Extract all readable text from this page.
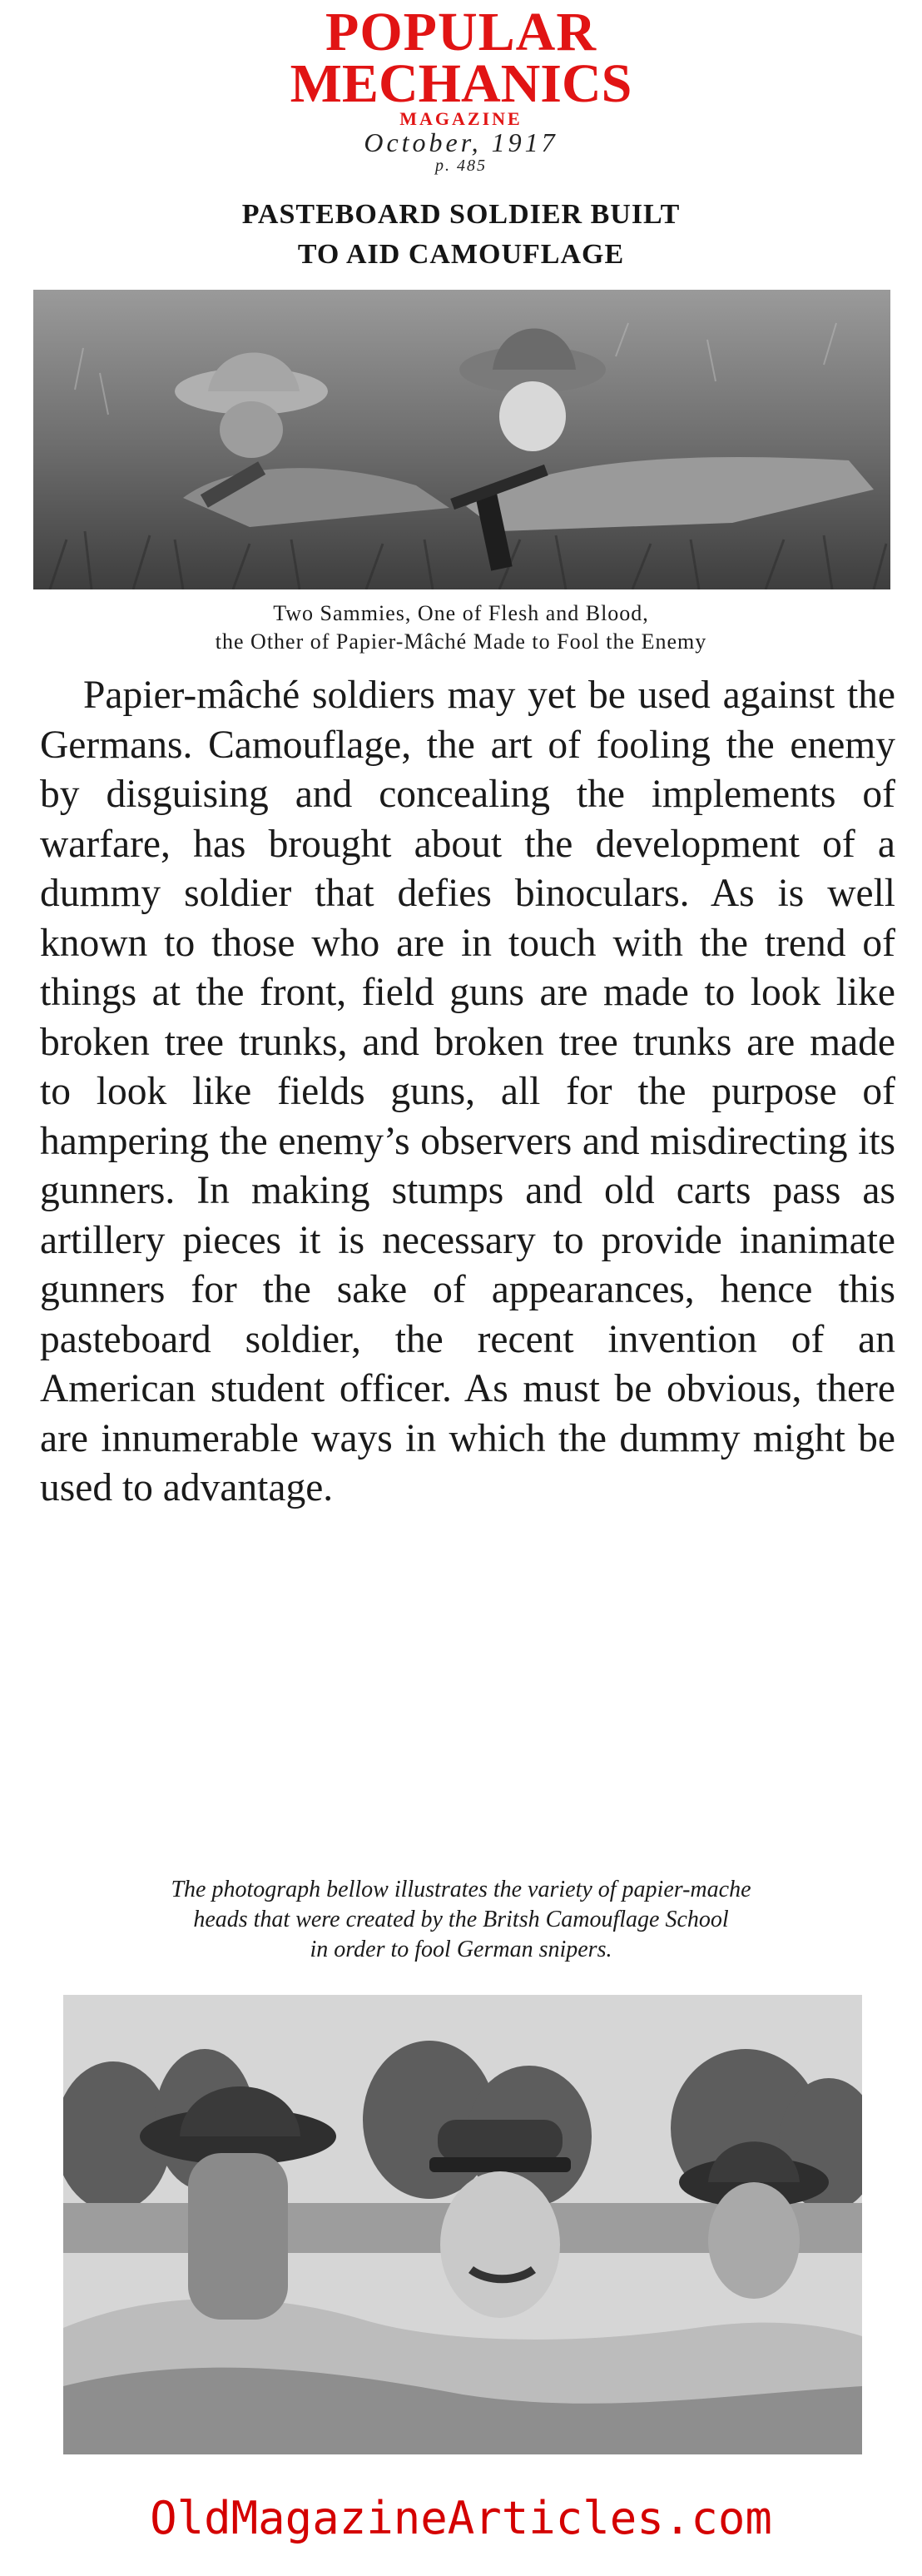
POPULAR
MECHANICS
MAGAZINE
October, 1917
p. 485
PASTEBOARD SOLDIER BUILT
TO AID CAMOUFLAGE
Two Sammies, One of Flesh and Blood,
the Other of Papier-Mâché Made to Fool the Enemy

Papier-mâché soldiers may yet be used against the Germans. Camouflage, the art of fooling the enemy by disguising and concealing the implements of warfare, has brought about the development of a dummy soldier that defies binoculars. As is well known to those who are in touch with the trend of things at the front, field guns are made to look like broken tree trunks, and broken tree trunks are made to look like fields guns, all for the purpose of hampering the enemy’s observers and misdirecting its gunners. In making stumps and old carts pass as artillery pieces it is necessary to provide inanimate gunners for the sake of appearances, hence this pasteboard soldier, the recent invention of an American student officer. As must be obvious, there are innumerable ways in which the dummy might be used to advantage.

The photograph bellow illustrates the variety of papier-mache
heads that were created by the Britsh Camouflage School
in order to fool German snipers.
OldMagazineArticles.com
